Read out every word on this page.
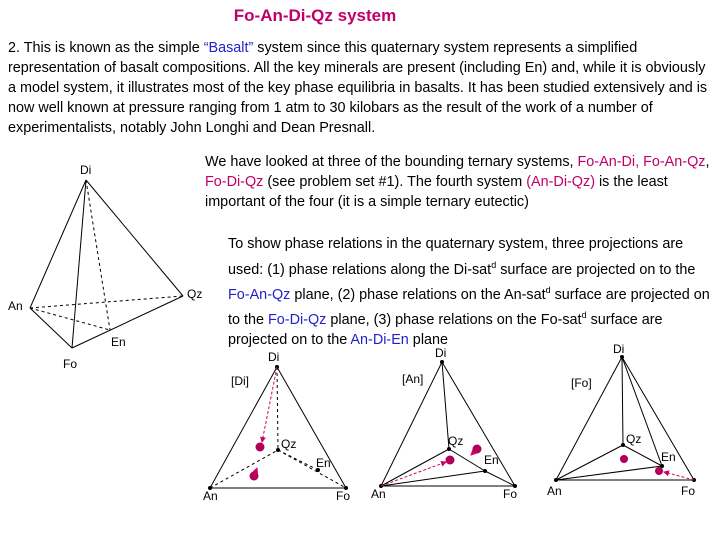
Fo-An-Di-Qz system
2. This is known as the simple “Basalt” system since this quaternary system represents a simplified representation of basalt compositions. All the key minerals are present (including En) and, while it is obviously a model system, it illustrates most of the key phase equilibria in basalts. It has been studied extensively and is now well known at pressure ranging from 1 atm to 30 kilobars as the result of the work of a number of experimentalists, notably John Longhi and Dean Presnall.
We have looked at three of the bounding ternary systems, Fo-An-Di, Fo-An-Qz, Fo-Di-Qz (see problem set #1). The fourth system (An-Di-Qz) is the least important of the four (it is a simple ternary eutectic)
To show phase relations in the quaternary system, three projections are used: (1) phase relations along the Di-sat$^d$ surface are projected on to the Fo-An-Qz plane, (2) phase relations on the An-sat$^d$ surface are projected on to the Fo-Di-Qz plane, (3) phase relations on the Fo-sat$^d$ surface are projected on to the An-Di-En plane
Di
Qz
An
En
Fo
[Di]
Di
Qz
En
An	Fo
[An]
Di
Qz
En
An	Fo
[Fo]
Di
Qz
En
An	Fo
